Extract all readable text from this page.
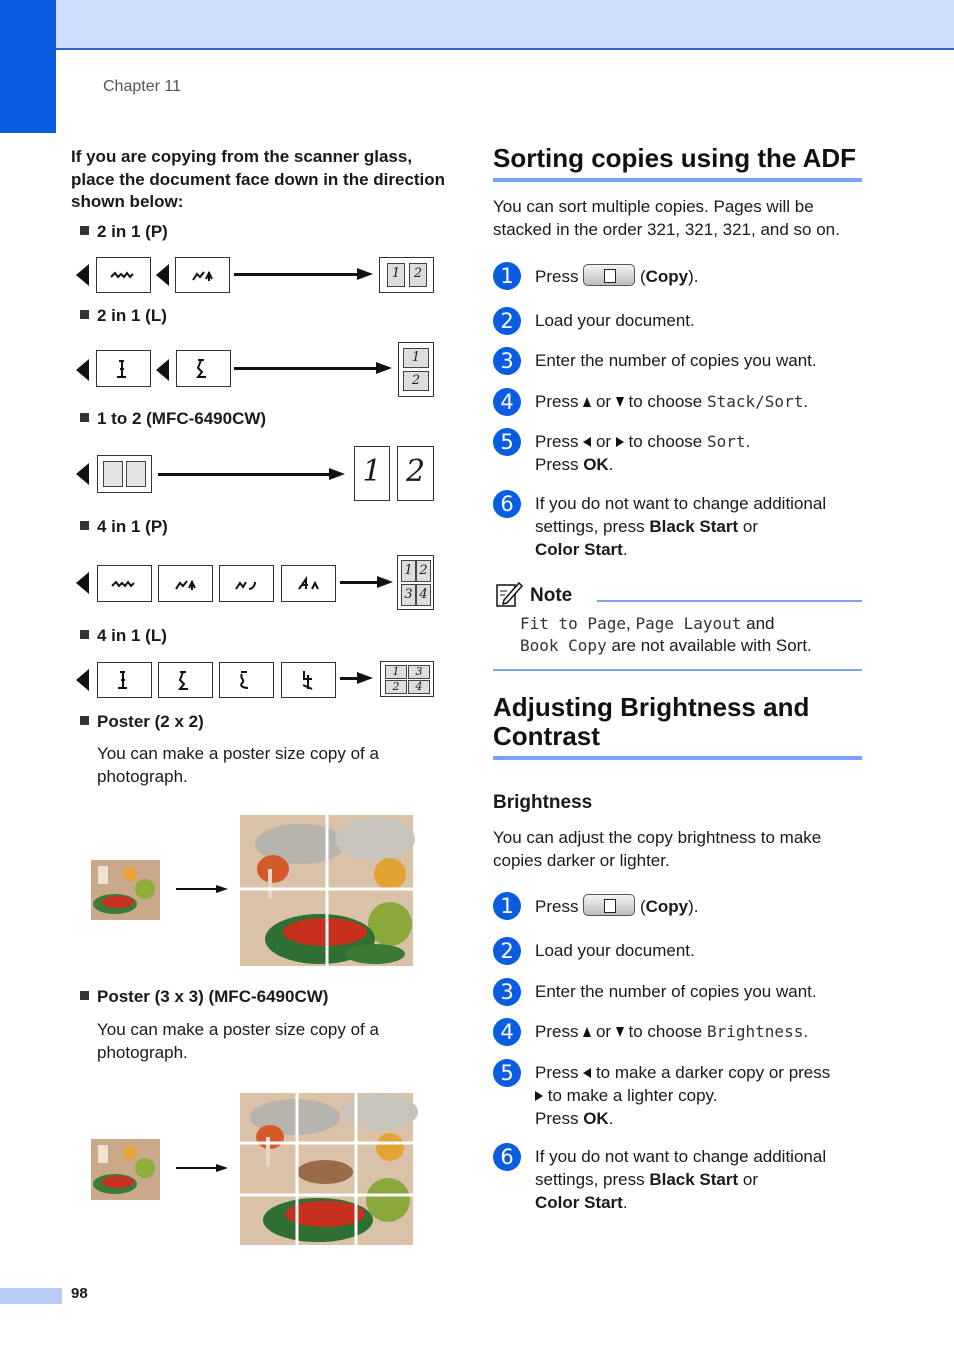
Chapter 11
If you are copying from the scanner glass, place the document face down in the direction shown below:
2 in 1 (P)
1	2
2 in 1 (L)
1
2
1 to 2 (MFC-6490CW)
1 2
4 in 1 (P)
1 2
3 4
4 in 1 (L)
1	3
2	4
Poster (2 x 2)
You can make a poster size copy of a photograph.
Poster (3 x 3) (MFC-6490CW)
You can make a poster size copy of a photograph.
Sorting copies using the ADF
You can sort multiple copies. Pages will be stacked in the order 321, 321, 321, and so on.
1	Press	(Copy).
2	Load your document.
3	Enter the number of copies you want.
4	Press or to choose Stack/Sort.
5	Press or to choose Sort.
Press OK.
6	If you do not want to change additional settings, press Black Start or
Color Start.
Note
Fit to Page, Page Layout and
Book Copy are not available with Sort.
Adjusting Brightness and Contrast
Brightness
You can adjust the copy brightness to make copies darker or lighter.
1	Press	(Copy).
2	Load your document.
3	Enter the number of copies you want.
4	Press or to choose Brightness.
5	Press to make a darker copy or press
to make a lighter copy.
Press OK.
6	If you do not want to change additional settings, press Black Start or
Color Start.
98
